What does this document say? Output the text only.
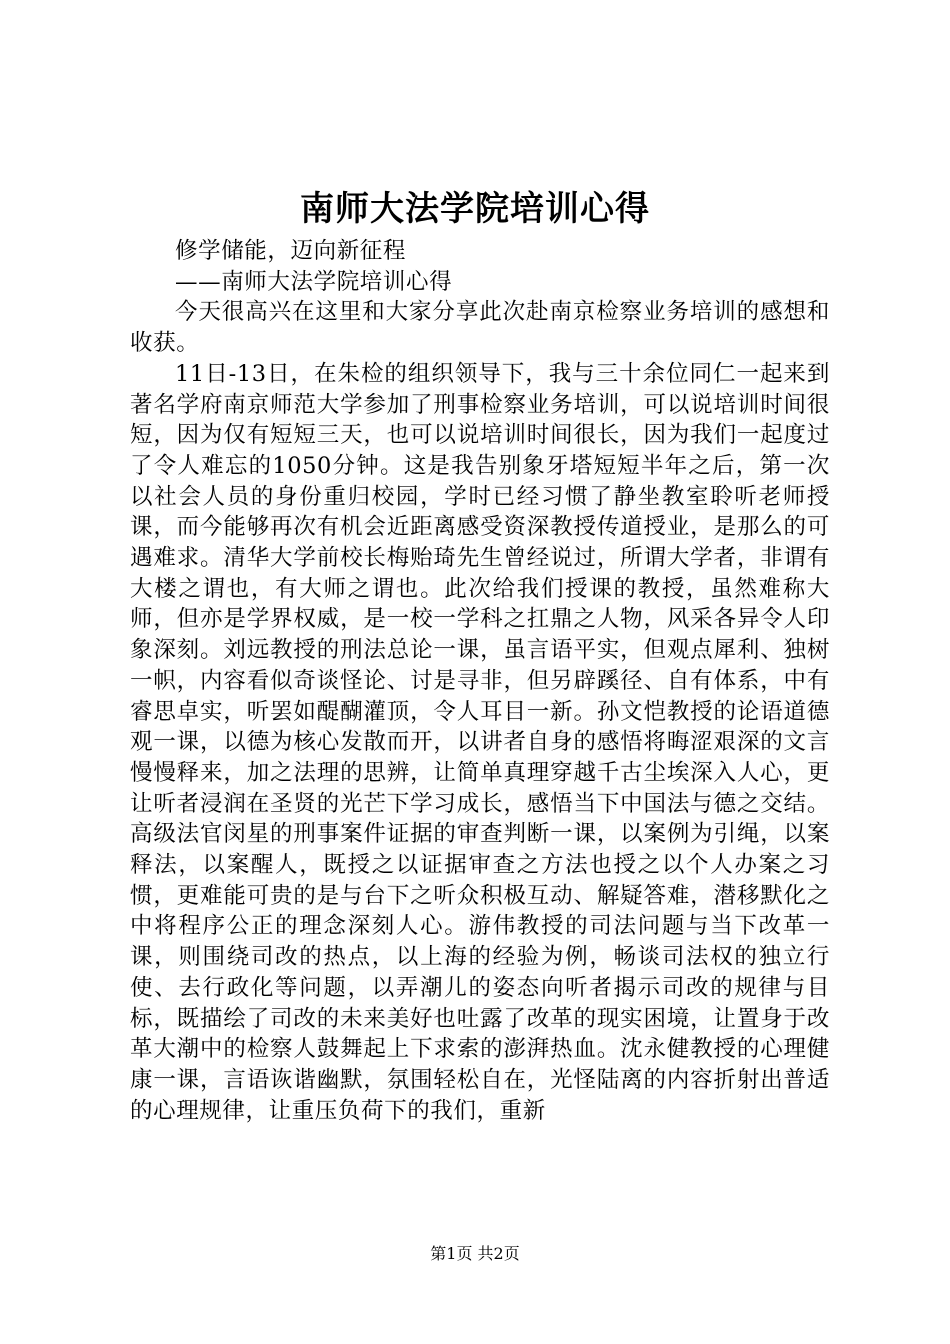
南师大法学院培训心得

修学储能，迈向新征程

——南师大法学院培训心得

今天很高兴在这里和大家分享此次赴南京检察业务培训的感想和收获。

11日-13日，在朱检的组织领导下，我与三十余位同仁一起来到著名学府南京师范大学参加了刑事检察业务培训，可以说培训时间很短，因为仅有短短三天，也可以说培训时间很长，因为我们一起度过了令人难忘的1050分钟。这是我告别象牙塔短短半年之后，第一次以社会人员的身份重归校园，学时已经习惯了静坐教室聆听老师授课，而今能够再次有机会近距离感受资深教授传道授业，是那么的可遇难求。清华大学前校长梅贻琦先生曾经说过，所谓大学者，非谓有大楼之谓也，有大师之谓也。此次给我们授课的教授，虽然难称大师，但亦是学界权威，是一校一学科之扛鼎之人物，风采各异令人印象深刻。刘远教授的刑法总论一课，虽言语平实，但观点犀利、独树一帜，内容看似奇谈怪论、讨是寻非，但另辟蹊径、自有体系，中有睿思卓实，听罢如醍醐灌顶，令人耳目一新。孙文恺教授的论语道德观一课，以德为核心发散而开，以讲者自身的感悟将晦涩艰深的文言慢慢释来，加之法理的思辨，让简单真理穿越千古尘埃深入人心，更让听者浸润在圣贤的光芒下学习成长，感悟当下中国法与德之交结。高级法官闵星的刑事案件证据的审查判断一课，以案例为引绳，以案释法，以案醒人，既授之以证据审查之方法也授之以个人办案之习惯，更难能可贵的是与台下之听众积极互动、解疑答难，潜移默化之中将程序公正的理念深刻人心。游伟教授的司法问题与当下改革一课，则围绕司改的热点，以上海的经验为例，畅谈司法权的独立行使、去行政化等问题，以弄潮儿的姿态向听者揭示司改的规律与目标，既描绘了司改的未来美好也吐露了改革的现实困境，让置身于改革大潮中的检察人鼓舞起上下求索的澎湃热血。沈永健教授的心理健康一课，言语诙谐幽默，氛围轻松自在，光怪陆离的内容折射出普适的心理规律，让重压负荷下的我们，重新

第1页 共2页
